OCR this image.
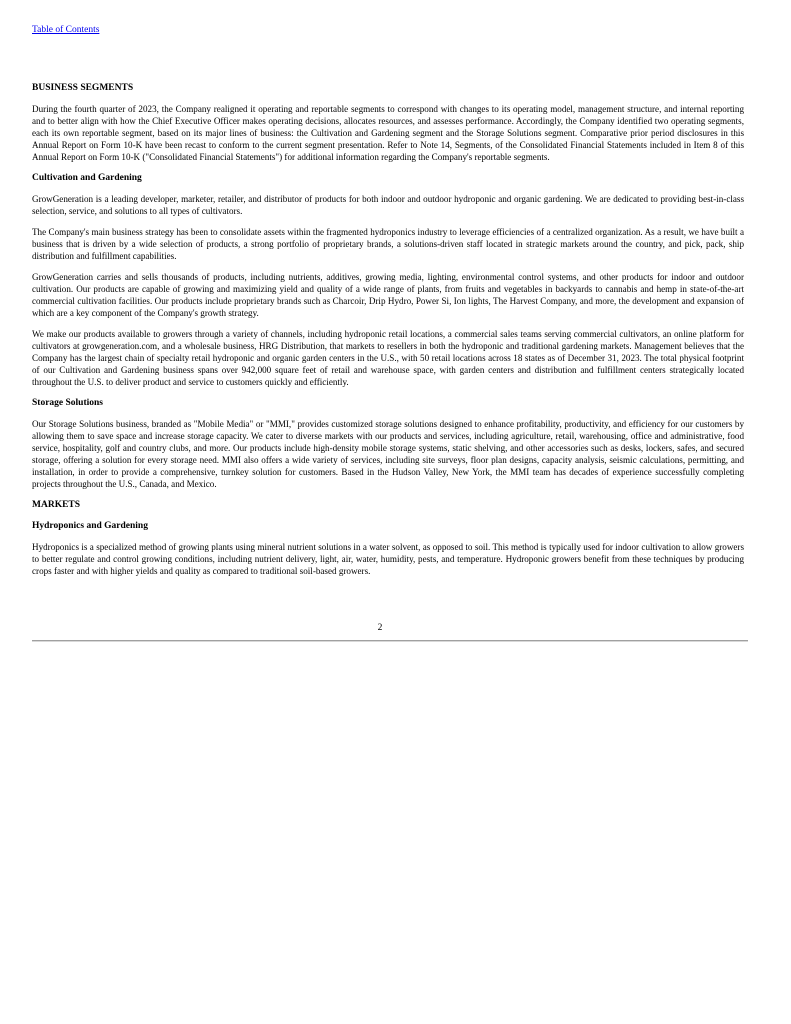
Table of Contents
BUSINESS SEGMENTS

During the fourth quarter of 2023, the Company realigned it operating and reportable segments to correspond with changes to its operating model, management structure, and internal reporting and to better align with how the Chief Executive Officer makes operating decisions, allocates resources, and assesses performance. Accordingly, the Company identified two operating segments, each its own reportable segment, based on its major lines of business: the Cultivation and Gardening segment and the Storage Solutions segment. Comparative prior period disclosures in this Annual Report on Form 10-K have been recast to conform to the current segment presentation. Refer to Note 14, Segments, of the Consolidated Financial Statements included in Item 8 of this Annual Report on Form 10-K ("Consolidated Financial Statements") for additional information regarding the Company's reportable segments.

Cultivation and Gardening

GrowGeneration is a leading developer, marketer, retailer, and distributor of products for both indoor and outdoor hydroponic and organic gardening. We are dedicated to providing best-in-class selection, service, and solutions to all types of cultivators.

The Company's main business strategy has been to consolidate assets within the fragmented hydroponics industry to leverage efficiencies of a centralized organization. As a result, we have built a business that is driven by a wide selection of products, a strong portfolio of proprietary brands, a solutions-driven staff located in strategic markets around the country, and pick, pack, ship distribution and fulfillment capabilities.

GrowGeneration carries and sells thousands of products, including nutrients, additives, growing media, lighting, environmental control systems, and other products for indoor and outdoor cultivation. Our products are capable of growing and maximizing yield and quality of a wide range of plants, from fruits and vegetables in backyards to cannabis and hemp in state-of-the-art commercial cultivation facilities. Our products include proprietary brands such as Charcoir, Drip Hydro, Power Si, Ion lights, The Harvest Company, and more, the development and expansion of which are a key component of the Company's growth strategy.

We make our products available to growers through a variety of channels, including hydroponic retail locations, a commercial sales teams serving commercial cultivators, an online platform for cultivators at growgeneration.com, and a wholesale business, HRG Distribution, that markets to resellers in both the hydroponic and traditional gardening markets. Management believes that the Company has the largest chain of specialty retail hydroponic and organic garden centers in the U.S., with 50 retail locations across 18 states as of December 31, 2023. The total physical footprint of our Cultivation and Gardening business spans over 942,000 square feet of retail and warehouse space, with garden centers and distribution and fulfillment centers strategically located throughout the U.S. to deliver product and service to customers quickly and efficiently.

Storage Solutions

Our Storage Solutions business, branded as "Mobile Media" or "MMI," provides customized storage solutions designed to enhance profitability, productivity, and efficiency for our customers by allowing them to save space and increase storage capacity. We cater to diverse markets with our products and services, including agriculture, retail, warehousing, office and administrative, food service, hospitality, golf and country clubs, and more. Our products include high-density mobile storage systems, static shelving, and other accessories such as desks, lockers, safes, and secured storage, offering a solution for every storage need. MMI also offers a wide variety of services, including site surveys, floor plan designs, capacity analysis, seismic calculations, permitting, and installation, in order to provide a comprehensive, turnkey solution for customers. Based in the Hudson Valley, New York, the MMI team has decades of experience successfully completing projects throughout the U.S., Canada, and Mexico.

MARKETS
Hydroponics and Gardening

Hydroponics is a specialized method of growing plants using mineral nutrient solutions in a water solvent, as opposed to soil. This method is typically used for indoor cultivation to allow growers to better regulate and control growing conditions, including nutrient delivery, light, air, water, humidity, pests, and temperature. Hydroponic growers benefit from these techniques by producing crops faster and with higher yields and quality as compared to traditional soil-based growers.

2
